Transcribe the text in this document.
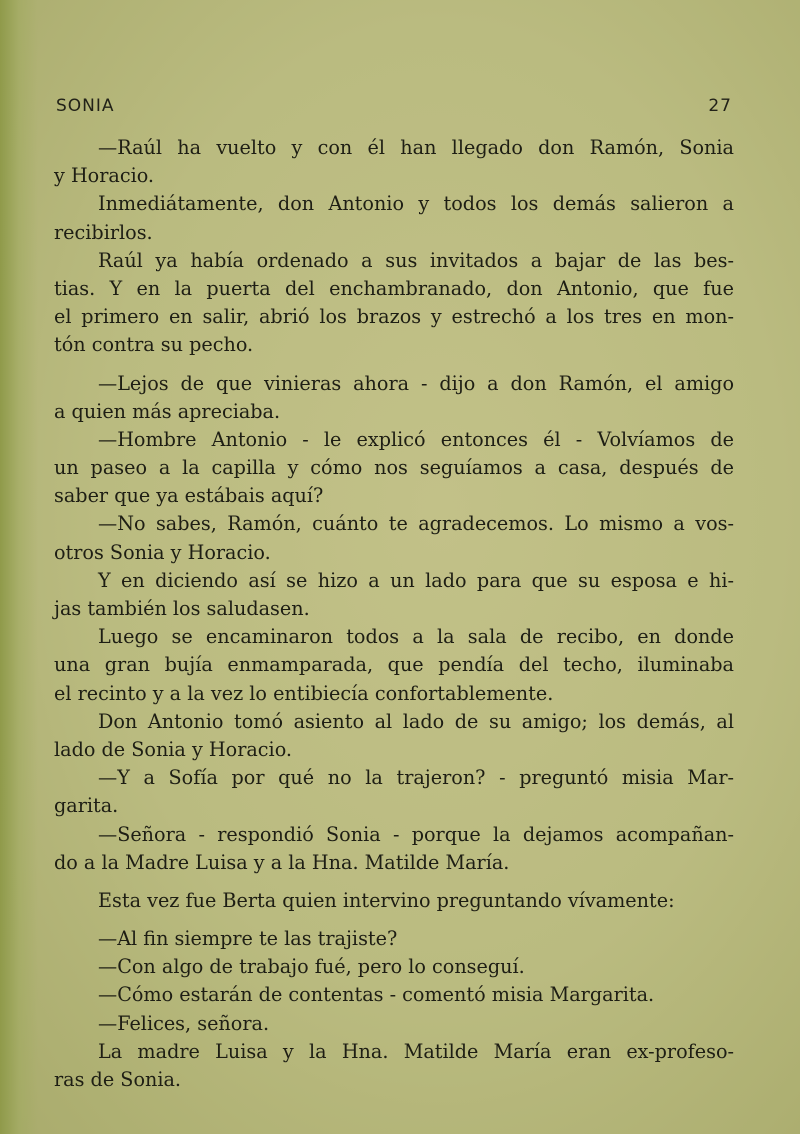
SONIA	27
—Raúl ha vuelto y con él han llegado don Ramón, Sonia
y Horacio.
Inmediátamente, don Antonio y todos los demás salieron a
recibirlos.
Raúl ya había ordenado a sus invitados a bajar de las bes-
tias. Y en la puerta del enchambranado, don Antonio, que fue
el primero en salir, abrió los brazos y estrechó a los tres en mon-
tón contra su pecho.
—Lejos de que vinieras ahora - dijo a don Ramón, el amigo
a quien más apreciaba.
—Hombre Antonio - le explicó entonces él - Volvíamos de
un paseo a la capilla y cómo nos seguíamos a casa, después de
saber que ya estábais aquí?
—No sabes, Ramón, cuánto te agradecemos. Lo mismo a vos-
otros Sonia y Horacio.
Y en diciendo así se hizo a un lado para que su esposa e hi-
jas también los saludasen.
Luego se encaminaron todos a la sala de recibo, en donde
una gran bujía enmamparada, que pendía del techo, iluminaba
el recinto y a la vez lo entibiecía confortablemente.
Don Antonio tomó asiento al lado de su amigo; los demás, al
lado de Sonia y Horacio.
—Y a Sofía por qué no la trajeron? - preguntó misia Mar-
garita.
—Señora - respondió Sonia - porque la dejamos acompañan-
do a la Madre Luisa y a la Hna. Matilde María.
Esta vez fue Berta quien intervino preguntando vívamente:
—Al fin siempre te las trajiste?
—Con algo de trabajo fué, pero lo conseguí.
—Cómo estarán de contentas - comentó misia Margarita.
—Felices, señora.
La madre Luisa y la Hna. Matilde María eran ex-profeso-
ras de Sonia.
